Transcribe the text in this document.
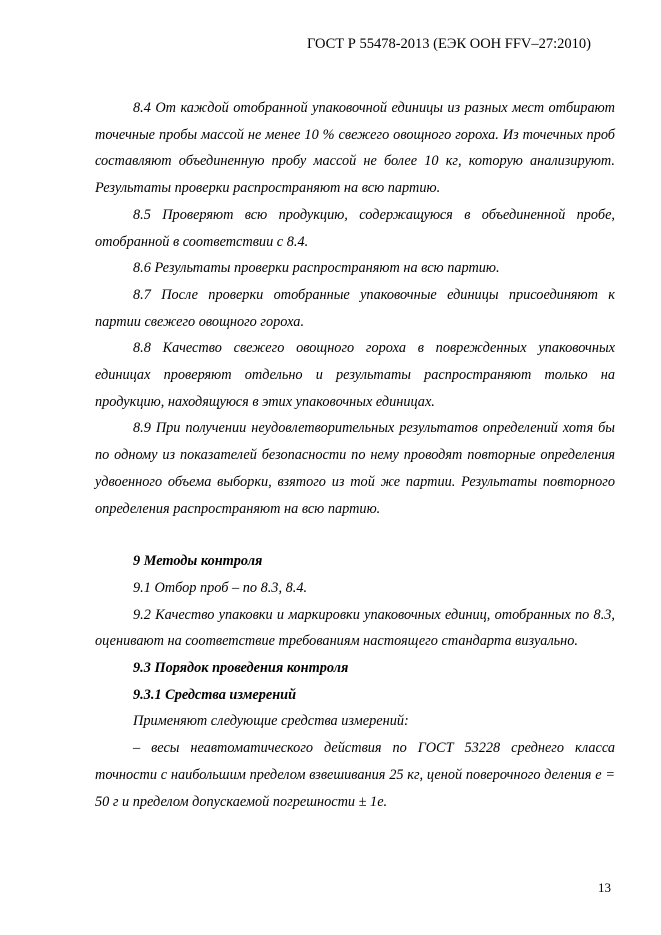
ГОСТ Р 55478-2013 (ЕЭК ООН FFV–27:2010)

8.4 От каждой отобранной упаковочной единицы из разных мест отбирают точечные пробы массой не менее 10 % свежего овощного гороха. Из точечных проб составляют объединенную пробу массой не более 10 кг, которую анализируют. Результаты проверки распространяют на всю партию.

8.5 Проверяют всю продукцию, содержащуюся в объединенной пробе, отобранной в соответствии с 8.4.

8.6 Результаты проверки распространяют на всю партию.

8.7 После проверки отобранные упаковочные единицы присоединяют к партии свежего овощного гороха.

8.8 Качество свежего овощного гороха в поврежденных упаковочных единицах проверяют отдельно и результаты распространяют только на продукцию, находящуюся в этих упаковочных единицах.

8.9 При получении неудовлетворительных результатов определений хотя бы по одному из показателей безопасности по нему проводят повторные определения удвоенного объема выборки, взятого из той же партии. Результаты повторного определения распространяют на всю партию.

9 Методы контроля

9.1 Отбор проб – по 8.3, 8.4.

9.2 Качество упаковки и маркировки упаковочных единиц, отобранных по 8.3, оценивают на соответствие требованиям настоящего стандарта визуально.

9.3 Порядок проведения контроля

9.3.1 Средства измерений

Применяют следующие средства измерений:

– весы неавтоматического действия по ГОСТ 53228 среднего класса точности с наибольшим пределом взвешивания 25 кг, ценой поверочного деления e = 50 г и пределом допускаемой погрешности ± 1e.

13
